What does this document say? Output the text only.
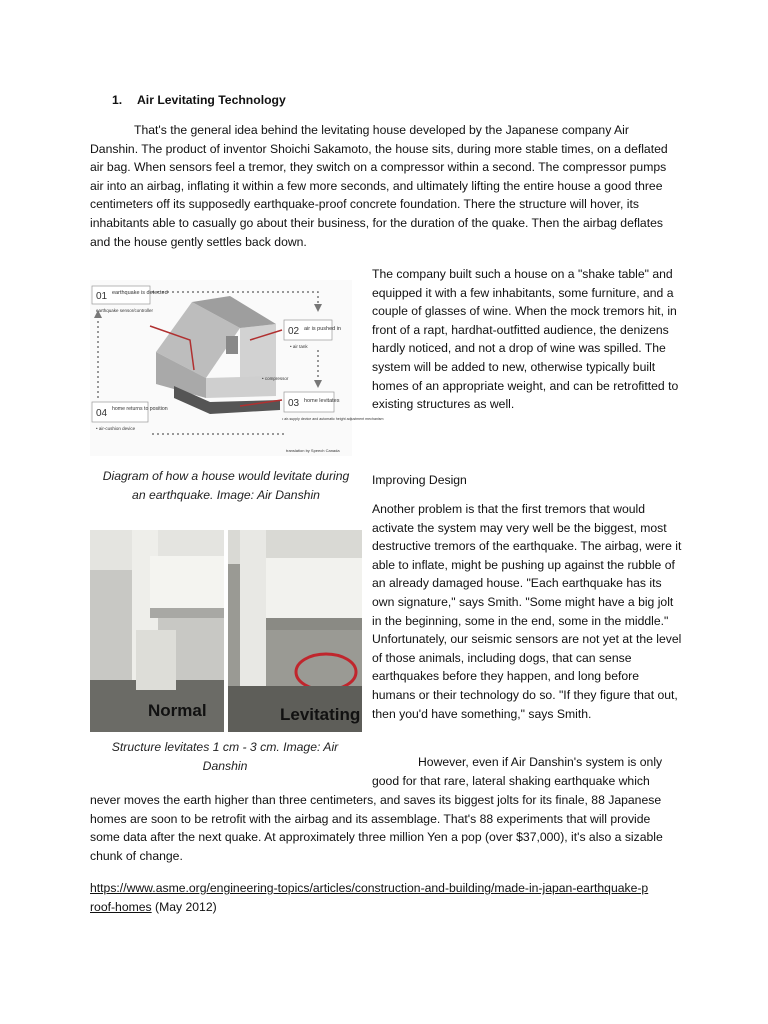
1. Air Levitating Technology

That's the general idea behind the levitating house developed by the Japanese company Air Danshin. The product of inventor Shoichi Sakamoto, the house sits, during more stable times, on a deflated air bag. When sensors feel a tremor, they switch on a compressor within a second. The compressor pumps air into an airbag, inflating it within a few more seconds, and ultimately lifting the entire house a good three centimeters off its supposedly earthquake-proof concrete foundation. There the structure will hover, its inhabitants able to casually go about their business, for the duration of the quake. Then the airbag deflates and the house gently settles back down.

01 earthquake is detected
earthquake sensor/controller
02 air is pushed in
• air tank
03 home levitates
• air-supply device and automatic height adjustment mechanism
04 home returns to position
• air-cushion device
• compressor
translation by Speech Canada

Diagram of how a house would levitate during an earthquake. Image: Air Danshin

The company built such a house on a "shake table" and equipped it with a few inhabitants, some furniture, and a couple of glasses of wine. When the mock tremors hit, in front of a rapt, hardhat-outfitted audience, the denizens hardly noticed, and not a drop of wine was spilled. The system will be added to new, otherwise typically built homes of an appropriate weight, and can be retrofitted to existing structures as well.

Improving Design

Another problem is that the first tremors that would activate the system may very well be the biggest, most destructive tremors of the earthquake. The airbag, were it able to inflate, might be pushing up against the rubble of an already damaged house. "Each earthquake has its own signature," says Smith. "Some might have a big jolt in the beginning, some in the end, some in the middle." Unfortunately, our seismic sensors are not yet at the level of those animals, including dogs, that can sense earthquakes before they happen, and long before humans or their technology do so. "If they figure that out, then you'd have something," says Smith.

Normal	Levitating

Structure levitates 1 cm - 3 cm. Image: Air Danshin	However, even if Air Danshin's system is only

good for that rare, lateral shaking earthquake which

never moves the earth higher than three centimeters, and saves its biggest jolts for its finale, 88 Japanese homes are soon to be retrofit with the airbag and its assemblage. That's 88 experiments that will provide some data after the next quake. At approximately three million Yen a pop (over $37,000), it's also a sizable chunk of change.

https://www.asme.org/engineering-topics/articles/construction-and-building/made-in-japan-earthquake-proof-homes (May 2012)
